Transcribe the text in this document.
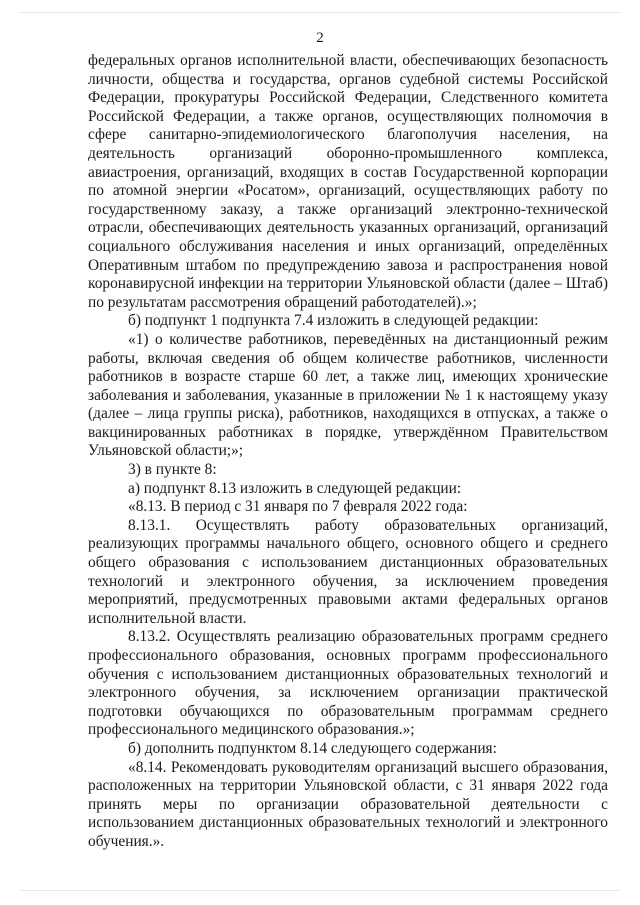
2

федеральных органов исполнительной власти, обеспечивающих безопасность личности, общества и государства, органов судебной системы Российской Федерации, прокуратуры Российской Федерации, Следственного комитета Российской Федерации, а также органов, осуществляющих полномочия в сфере санитарно-эпидемиологического благополучия населения, на деятельность организаций оборонно-промышленного комплекса, авиастроения, организаций, входящих в состав Государственной корпорации по атомной энергии «Росатом», организаций, осуществляющих работу по государственному заказу, а также организаций электронно-технической отрасли, обеспечивающих деятельность указанных организаций, организаций социального обслуживания населения и иных организаций, определённых Оперативным штабом по предупреждению завоза и распространения новой коронавирусной инфекции на территории Ульяновской области (далее – Штаб) по результатам рассмотрения обращений работодателей).»;

б) подпункт 1 подпункта 7.4 изложить в следующей редакции:

«1) о количестве работников, переведённых на дистанционный режим работы, включая сведения об общем количестве работников, численности работников в возрасте старше 60 лет, а также лиц, имеющих хронические заболевания и заболевания, указанные в приложении № 1 к настоящему указу (далее – лица группы риска), работников, находящихся в отпусках, а также о вакцинированных работниках в порядке, утверждённом Правительством Ульяновской области;»;

3) в пункте 8:

а) подпункт 8.13 изложить в следующей редакции:

«8.13. В период с 31 января по 7 февраля 2022 года:

8.13.1. Осуществлять работу образовательных организаций, реализующих программы начального общего, основного общего и среднего общего образования с использованием дистанционных образовательных технологий и электронного обучения, за исключением проведения мероприятий, предусмотренных правовыми актами федеральных органов исполнительной власти.

8.13.2. Осуществлять реализацию образовательных программ среднего профессионального образования, основных программ профессионального обучения с использованием дистанционных образовательных технологий и электронного обучения, за исключением организации практической подготовки обучающихся по образовательным программам среднего профессионального медицинского образования.»;

б) дополнить подпунктом 8.14 следующего содержания:

«8.14. Рекомендовать руководителям организаций высшего образования, расположенных на территории Ульяновской области, с 31 января 2022 года принять меры по организации образовательной деятельности с использованием дистанционных образовательных технологий и электронного обучения.».
